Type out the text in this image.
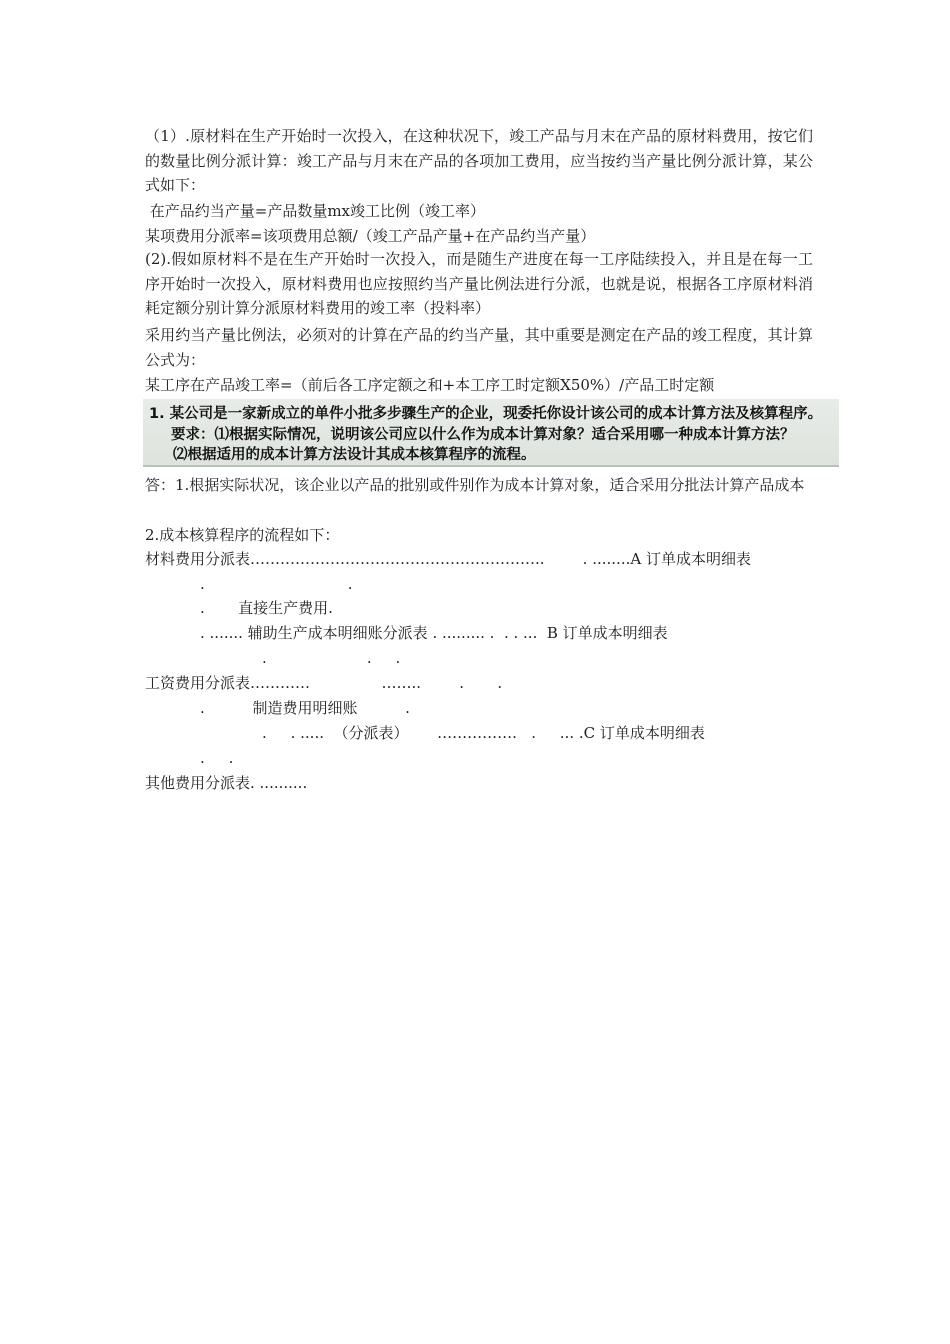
（1）.原材料在生产开始时一次投入，在这种状况下，竣工产品与月末在产品的原材料费用，按它们的数量比例分派计算：竣工产品与月末在产品的各项加工费用，应当按约当产量比例分派计算，某公式如下：

在产品约当产量=产品数量mx竣工比例（竣工率）

某项费用分派率=该项费用总额/（竣工产品产量+在产品约当产量）

(2).假如原材料不是在生产开始时一次投入，而是随生产进度在每一工序陆续投入，并且是在每一工序开始时一次投入，原材料费用也应按照约当产量比例法进行分派，也就是说，根据各工序原材料消耗定额分别计算分派原材料费用的竣工率（投料率）

采用约当产量比例法，必须对的计算在产品的约当产量，其中重要是测定在产品的竣工程度，其计算公式为：

某工序在产品竣工率=（前后各工序定额之和+本工序工时定额X50%）/产品工时定额

1. 某公司是一家新成立的单件小批多步骤生产的企业，现委托你设计该公司的成本计算方法及核算程序。
要求：⑴根据实际情况，说明该公司应以什么作为成本计算对象？适合采用哪一种成本计算方法？
⑵根据适用的成本计算方法设计其成本核算程序的流程。

答：1.根据实际状况，该企业以产品的批别或件别作为成本计算对象，适合采用分批法计算产品成本

2.成本核算程序的流程如下：

材料费用分派表…………………………………………………..        . ........A 订单成本明细表

.                              .

.       直接生产费用.

. ....... 辅助生产成本明细账分派表 . ......... .  . . ...  B 订单成本明细表

.                     .     .

工资费用分派表…………               ……..        .       .

.          制造费用明细账          .

.     . .....  （分派表）      …………….   .     ... .C 订单成本明细表

.     .

其他费用分派表. ..........
